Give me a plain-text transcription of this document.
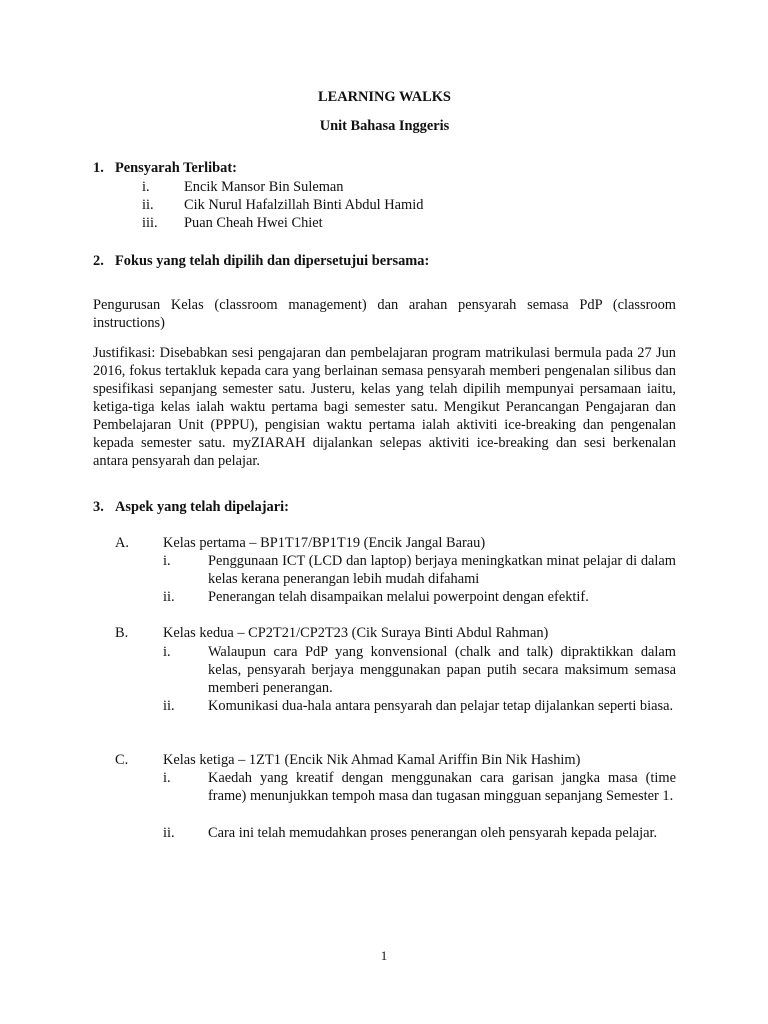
LEARNING WALKS
Unit Bahasa Inggeris
1. Pensyarah Terlibat:
i. Encik Mansor Bin Suleman
ii. Cik Nurul Hafalzillah Binti Abdul Hamid
iii. Puan Cheah Hwei Chiet
2. Fokus yang telah dipilih dan dipersetujui bersama:
Pengurusan Kelas (classroom management) dan arahan pensyarah semasa PdP (classroom instructions)
Justifikasi: Disebabkan sesi pengajaran dan pembelajaran program matrikulasi bermula pada 27 Jun 2016, fokus tertakluk kepada cara yang berlainan semasa pensyarah memberi pengenalan silibus dan spesifikasi sepanjang semester satu. Justeru, kelas yang telah dipilih mempunyai persamaan iaitu, ketiga-tiga kelas ialah waktu pertama bagi semester satu. Mengikut Perancangan Pengajaran dan Pembelajaran Unit (PPPU), pengisian waktu pertama ialah aktiviti ice-breaking dan pengenalan kepada semester satu. myZIARAH dijalankan selepas aktiviti ice-breaking dan sesi berkenalan antara pensyarah dan pelajar.
3. Aspek yang telah dipelajari:
A. Kelas pertama – BP1T17/BP1T19 (Encik Jangal Barau)
i.	Penggunaan ICT (LCD dan laptop) berjaya meningkatkan minat pelajar di dalam kelas kerana penerangan lebih mudah difahami
ii. Penerangan telah disampaikan melalui powerpoint dengan efektif.
B. Kelas kedua – CP2T21/CP2T23 (Cik Suraya Binti Abdul Rahman)
i.	Walaupun cara PdP yang konvensional (chalk and talk) dipraktikkan dalam kelas, pensyarah berjaya menggunakan papan putih secara maksimum semasa memberi penerangan.
ii. Komunikasi dua-hala antara pensyarah dan pelajar tetap dijalankan seperti biasa.
C. Kelas ketiga – 1ZT1 (Encik Nik Ahmad Kamal Ariffin Bin Nik Hashim)
i.	Kaedah yang kreatif dengan menggunakan cara garisan jangka masa (time frame) menunjukkan tempoh masa dan tugasan mingguan sepanjang Semester 1.
ii. Cara ini telah memudahkan proses penerangan oleh pensyarah kepada pelajar.
1
